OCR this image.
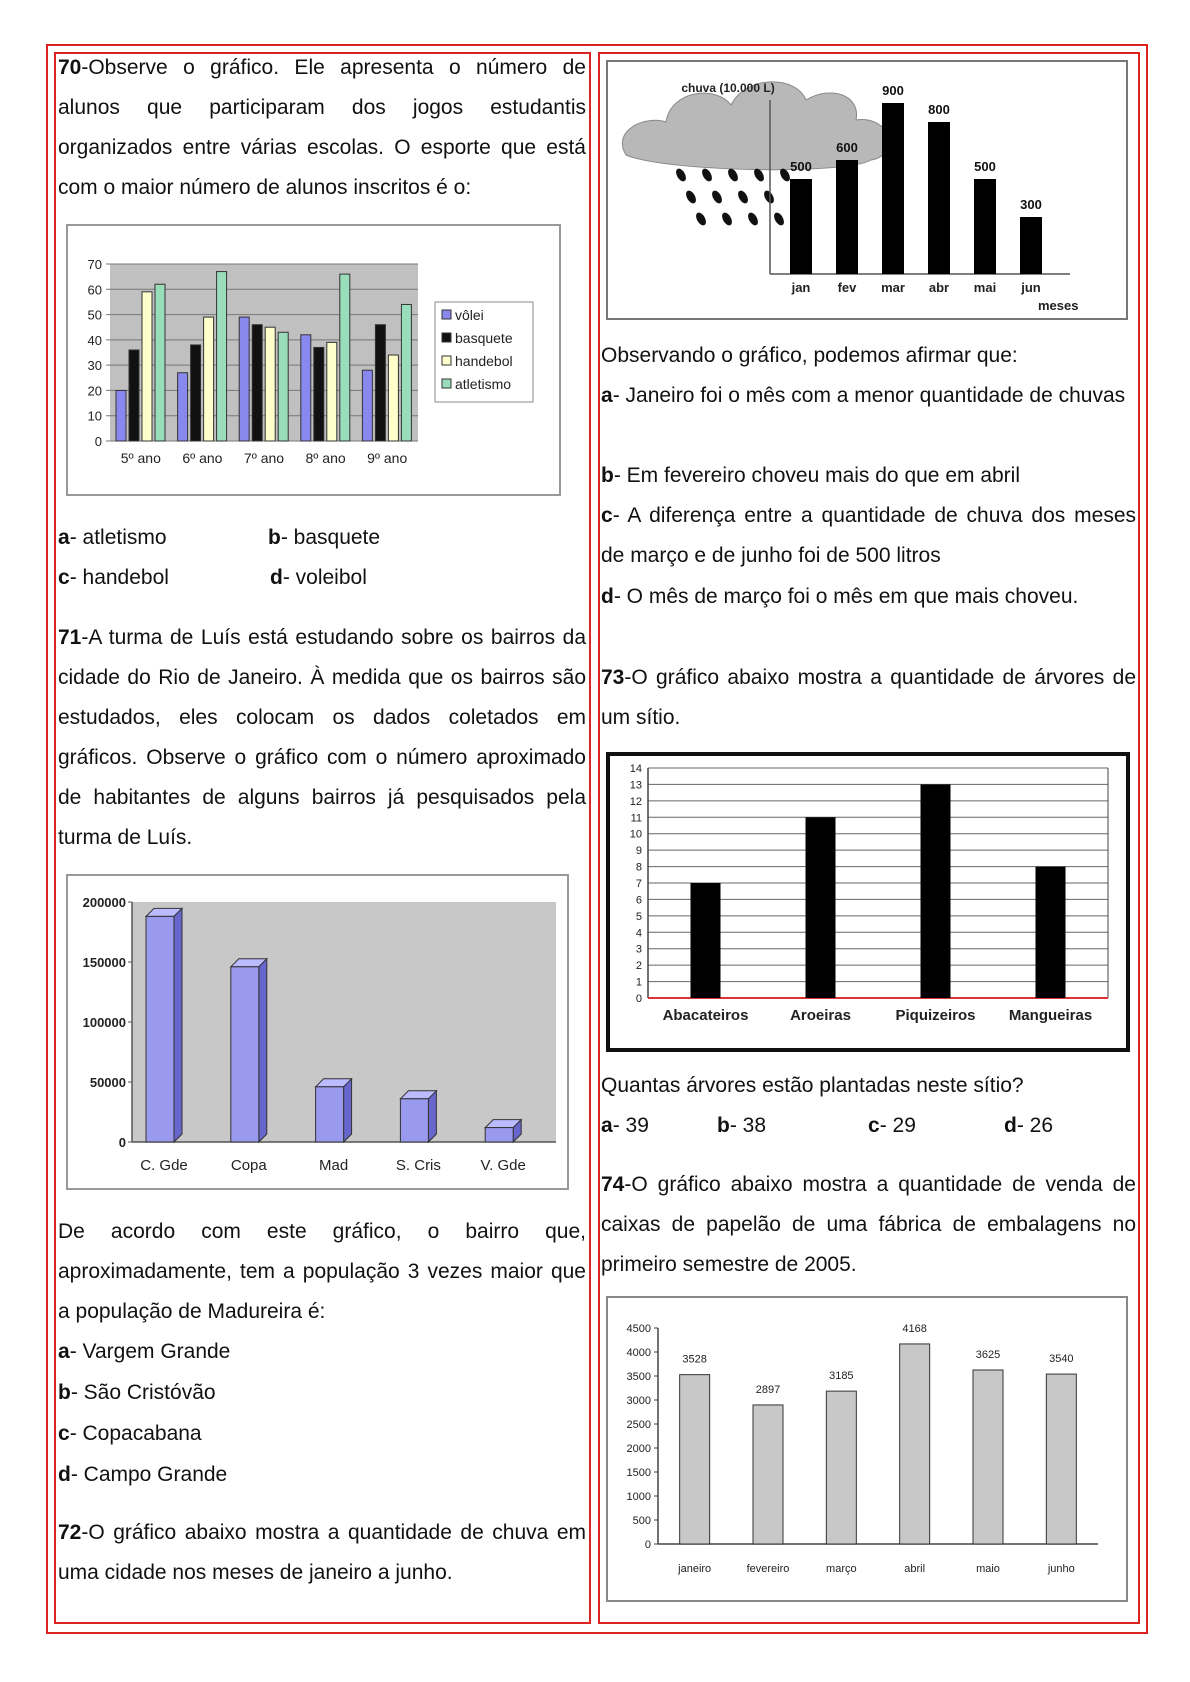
70-Observe o gráfico. Ele apresenta o número de alunos que participaram dos jogos estudantis organizados entre várias escolas. O esporte que está com o maior número de alunos inscritos é o:
0
10
20
30
40
50
60
70
5º ano 6º ano 7º ano 8º ano 9º ano
vôlei
basquete
handebol
atletismo
a- atletismo	b- basquete
c- handebol	d- voleibol
71-A turma de Luís está estudando sobre os bairros da cidade do Rio de Janeiro. À medida que os bairros são estudados, eles colocam os dados coletados em gráficos. Observe o gráfico com o número aproximado de habitantes de alguns bairros já pesquisados pela turma de Luís.
0
50000
100000
150000
200000
C. Gde	Copa	Mad	S. Cris	V. Gde
De acordo com este gráfico, o bairro que, aproximadamente, tem a população 3 vezes maior que a população de Madureira é:
a- Vargem Grande
b- São Cristóvão
c- Copacabana
d- Campo Grande
72-O gráfico abaixo mostra a quantidade de chuva em uma cidade nos meses de janeiro a junho.
chuva (10.000 L)
meses
500
jan
600
fev
900
mar
800
abr
500
mai
300
jun
Observando o gráfico, podemos afirmar que:
a- Janeiro foi o mês com a menor quantidade de chuvas
b- Em fevereiro choveu mais do que em abril
c- A diferença entre a quantidade de chuva dos meses de março e de junho foi de 500 litros
d- O mês de março foi o mês em que mais choveu.
73-O gráfico abaixo mostra a quantidade de árvores de um sítio.
0
1
2
3
4
5
6
7
8
9
10
11
12
13
14
Abacateiros	Aroeiras	Piquizeiros Mangueiras
Quantas árvores estão plantadas neste sítio?
a- 39	b- 38	c- 29	d- 26
74-O gráfico abaixo mostra a quantidade de venda de caixas de papelão de uma fábrica de embalagens no primeiro semestre de 2005.
0
500
1000
1500
2000
2500
3000
3500
4000
4500
3528
janeiro
2897
fevereiro
3185
março
4168
abril
3625
maio
3540
junho
